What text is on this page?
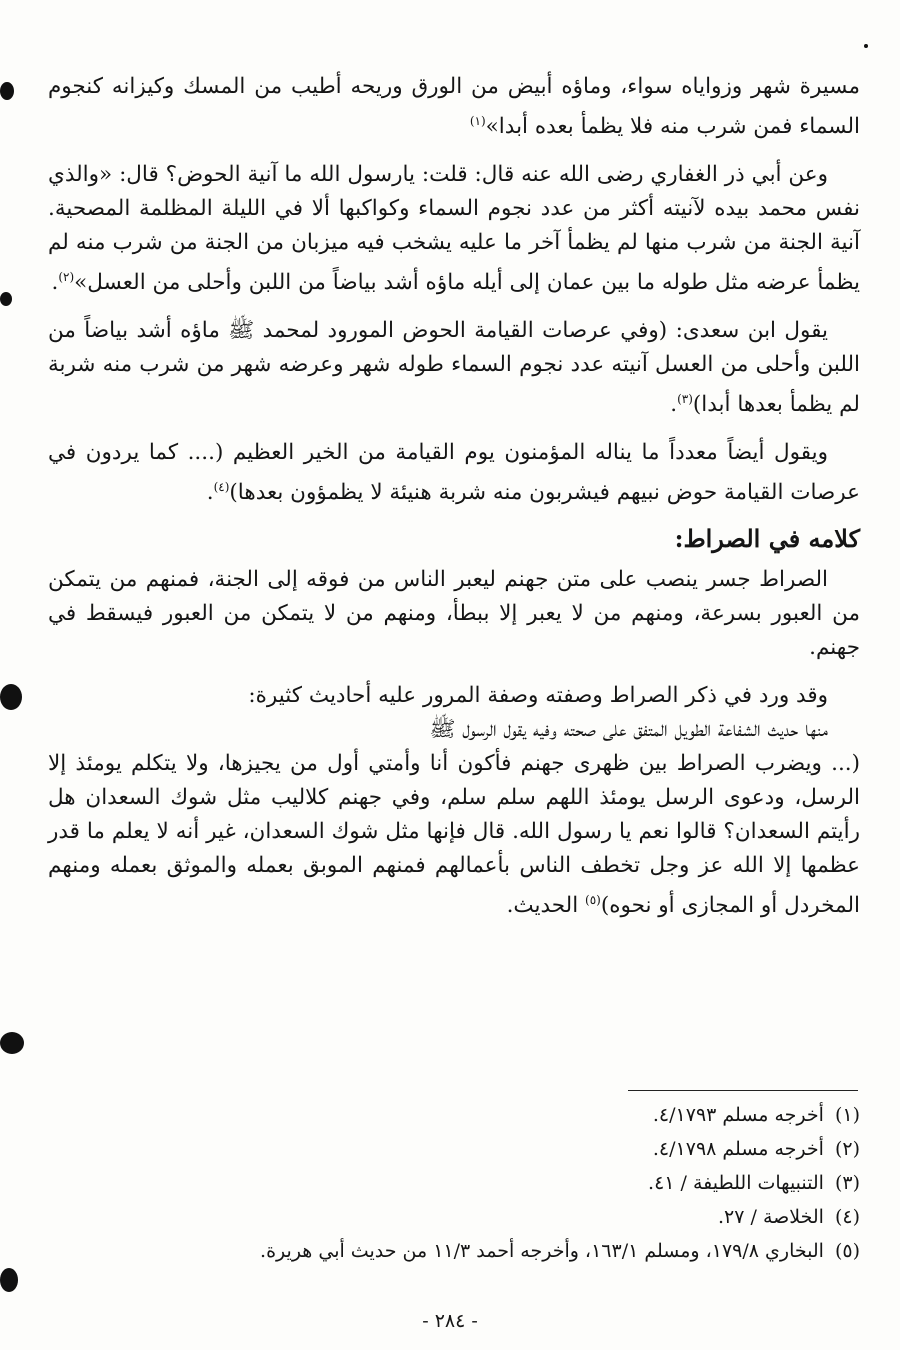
مسيرة شهر وزواياه سواء، وماؤه أبيض من الورق وريحه أطيب من المسك وكيزانه كنجوم السماء فمن شرب منه فلا يظمأ بعده أبدا»$^{(١)}$

وعن أبي ذر الغفاري رضى الله عنه قال: قلت: يارسول الله ما آنية الحوض؟ قال: «والذي نفس محمد بيده لآنيته أكثر من عدد نجوم السماء وكواكبها ألا في الليلة المظلمة المصحية. آنية الجنة من شرب منها لم يظمأ آخر ما عليه يشخب فيه ميزبان من الجنة من شرب منه لم يظمأ عرضه مثل طوله ما بين عمان إلى أيله ماؤه أشد بياضاً من اللبن وأحلى من العسل»$^{(٢)}$.

يقول ابن سعدى: (وفي عرصات القيامة الحوض المورود لمحمد ﷺ ماؤه أشد بياضاً من اللبن وأحلى من العسل آنيته عدد نجوم السماء طوله شهر وعرضه شهر من شرب منه شربة لم يظمأ بعدها أبدا)$^{(٣)}$.

ويقول أيضاً معدداً ما يناله المؤمنون يوم القيامة من الخير العظيم (.... كما يردون في عرصات القيامة حوض نبيهم فيشربون منه شربة هنيئة لا يظمؤون بعدها)$^{(٤)}$.

كلامه في الصراط:

الصراط جسر ينصب على متن جهنم ليعبر الناس من فوقه إلى الجنة، فمنهم من يتمكن من العبور بسرعة، ومنهم من لا يعبر إلا ببطأ، ومنهم من لا يتمكن من العبور فيسقط في جهنم.

وقد ورد في ذكر الصراط وصفته وصفة المرور عليه أحاديث كثيرة:

منها حديث الشفاعة الطويل المتفق على صحته وفيه يقول الرسول ﷺ

(... ويضرب الصراط بين ظهرى جهنم فأكون أنا وأمتي أول من يجيزها، ولا يتكلم يومئذ إلا الرسل، ودعوى الرسل يومئذ اللهم سلم سلم، وفي جهنم كلاليب مثل شوك السعدان هل رأيتم السعدان؟ قالوا نعم يا رسول الله. قال فإنها مثل شوك السعدان، غير أنه لا يعلم ما قدر عظمها إلا الله عز وجل تخطف الناس بأعمالهم فمنهم الموبق بعمله والموثق بعمله ومنهم المخردل أو المجازى أو نحوه)$^{(٥)}$ الحديث.

(١) أخرجه مسلم ٤/١٧٩٣.

(٢) أخرجه مسلم ٤/١٧٩٨.

(٣) التنبيهات اللطيفة / ٤١.

(٤) الخلاصة / ٢٧.

(٥) البخاري ١٧٩/٨، ومسلم ١٦٣/١، وأخرجه أحمد ١١/٣ من حديث أبي هريرة.

- ٢٨٤ -
